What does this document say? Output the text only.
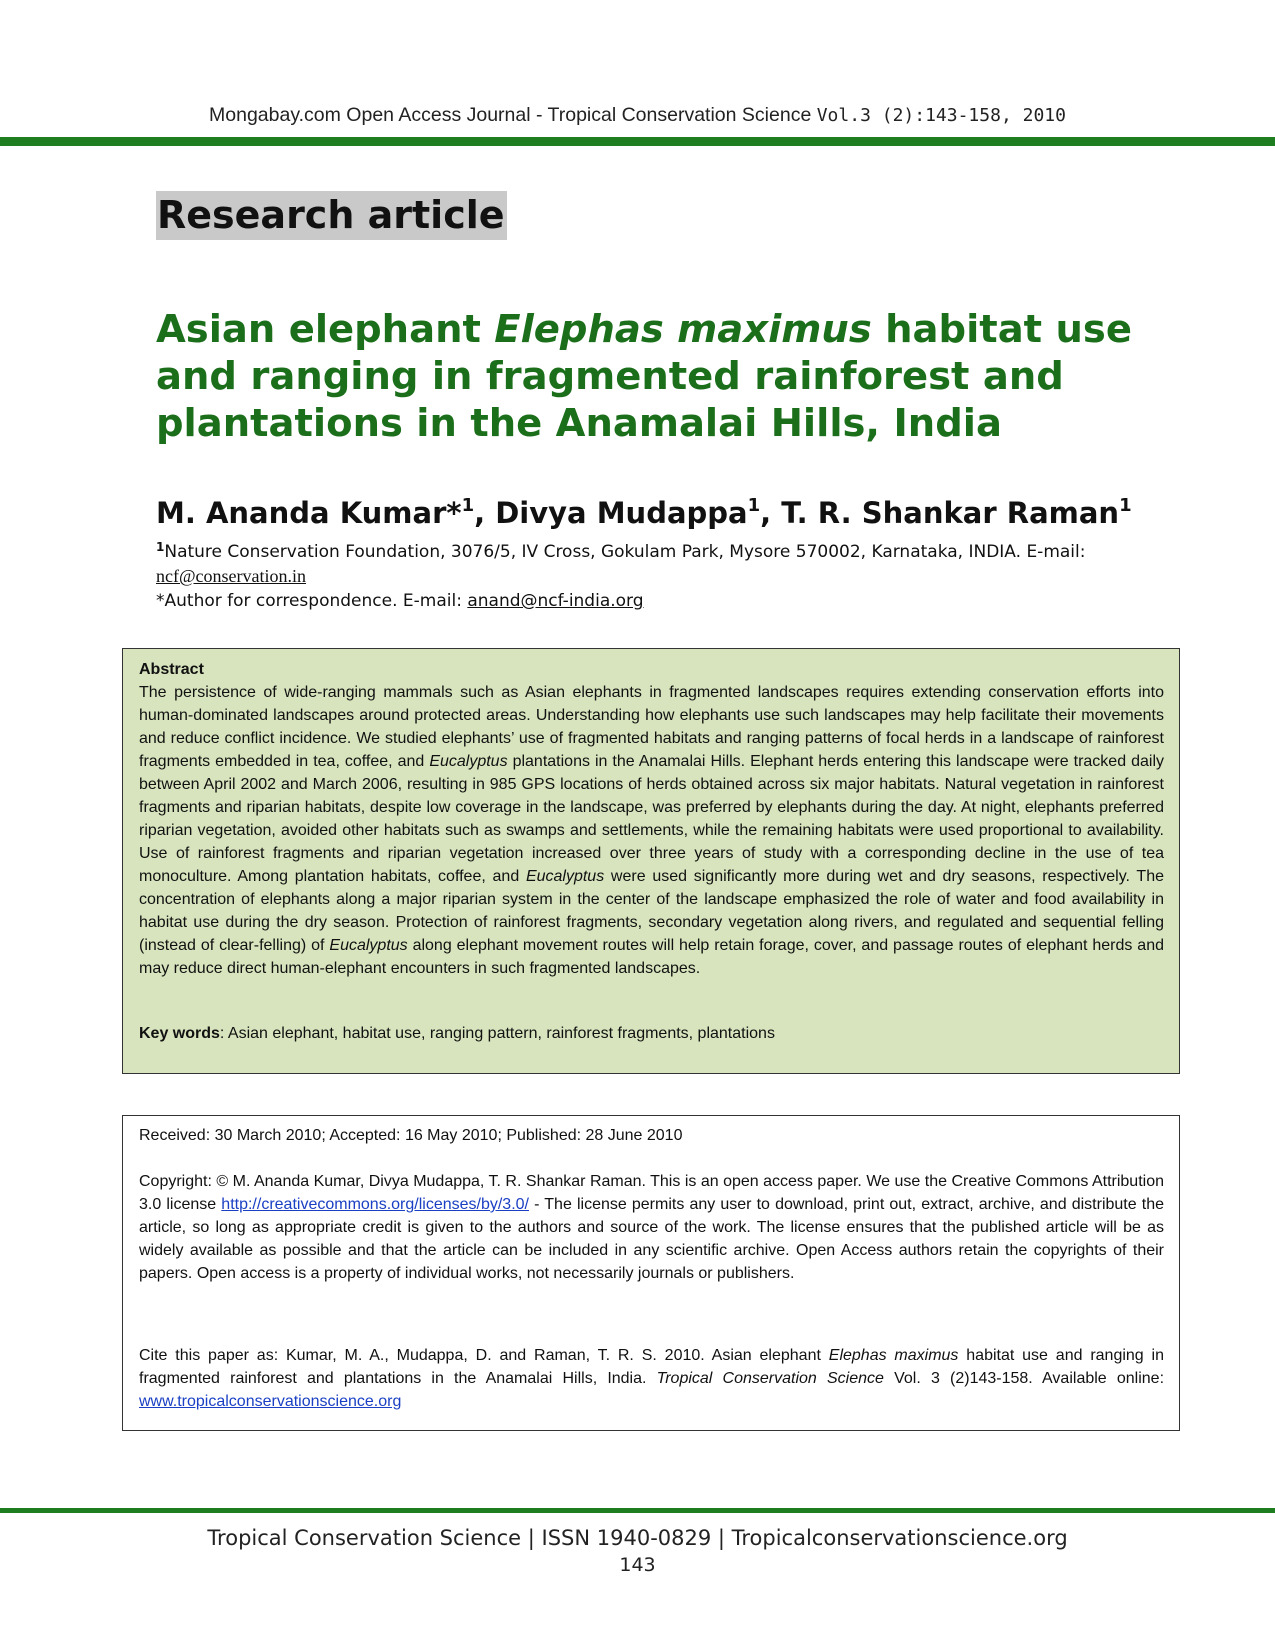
Mongabay.com Open Access Journal - Tropical Conservation Science Vol.3 (2):143-158, 2010
Research article
Asian elephant Elephas maximus habitat use
and ranging in fragmented rainforest and
plantations in the Anamalai Hills, India
M. Ananda Kumar*$^1$, Divya Mudappa$^1$, T. R. Shankar Raman$^1$
$^1$Nature Conservation Foundation, 3076/5, IV Cross, Gokulam Park, Mysore 570002, Karnataka, INDIA. E-mail:
ncf@conservation.in
*Author for correspondence. E-mail: anand@ncf-india.org
Abstract
The persistence of wide-ranging mammals such as Asian elephants in fragmented landscapes requires extending conservation efforts into human-dominated landscapes around protected areas. Understanding how elephants use such landscapes may help facilitate their movements and reduce conflict incidence. We studied elephants’ use of fragmented habitats and ranging patterns of focal herds in a landscape of rainforest fragments embedded in tea, coffee, and Eucalyptus plantations in the Anamalai Hills. Elephant herds entering this landscape were tracked daily between April 2002 and March 2006, resulting in 985 GPS locations of herds obtained across six major habitats. Natural vegetation in rainforest fragments and riparian habitats, despite low coverage in the landscape, was preferred by elephants during the day. At night, elephants preferred riparian vegetation, avoided other habitats such as swamps and settlements, while the remaining habitats were used proportional to availability. Use of rainforest fragments and riparian vegetation increased over three years of study with a corresponding decline in the use of tea monoculture. Among plantation habitats, coffee, and Eucalyptus were used significantly more during wet and dry seasons, respectively. The concentration of elephants along a major riparian system in the center of the landscape emphasized the role of water and food availability in habitat use during the dry season. Protection of rainforest fragments, secondary vegetation along rivers, and regulated and sequential felling (instead of clear-felling) of Eucalyptus along elephant movement routes will help retain forage, cover, and passage routes of elephant herds and may reduce direct human-elephant encounters in such fragmented landscapes.
Key words: Asian elephant, habitat use, ranging pattern, rainforest fragments, plantations
Received: 30 March 2010; Accepted: 16 May 2010; Published: 28 June 2010
Copyright: © M. Ananda Kumar, Divya Mudappa, T. R. Shankar Raman. This is an open access paper. We use the Creative Commons Attribution 3.0 license http://creativecommons.org/licenses/by/3.0/ - The license permits any user to download, print out, extract, archive, and distribute the article, so long as appropriate credit is given to the authors and source of the work. The license ensures that the published article will be as widely available as possible and that the article can be included in any scientific archive. Open Access authors retain the copyrights of their papers. Open access is a property of individual works, not necessarily journals or publishers.
Cite this paper as: Kumar, M. A., Mudappa, D. and Raman, T. R. S. 2010. Asian elephant Elephas maximus habitat use and ranging in fragmented rainforest and plantations in the Anamalai Hills, India. Tropical Conservation Science Vol. 3 (2)143-158. Available online: www.tropicalconservationscience.org
Tropical Conservation Science | ISSN 1940-0829 | Tropicalconservationscience.org
143
